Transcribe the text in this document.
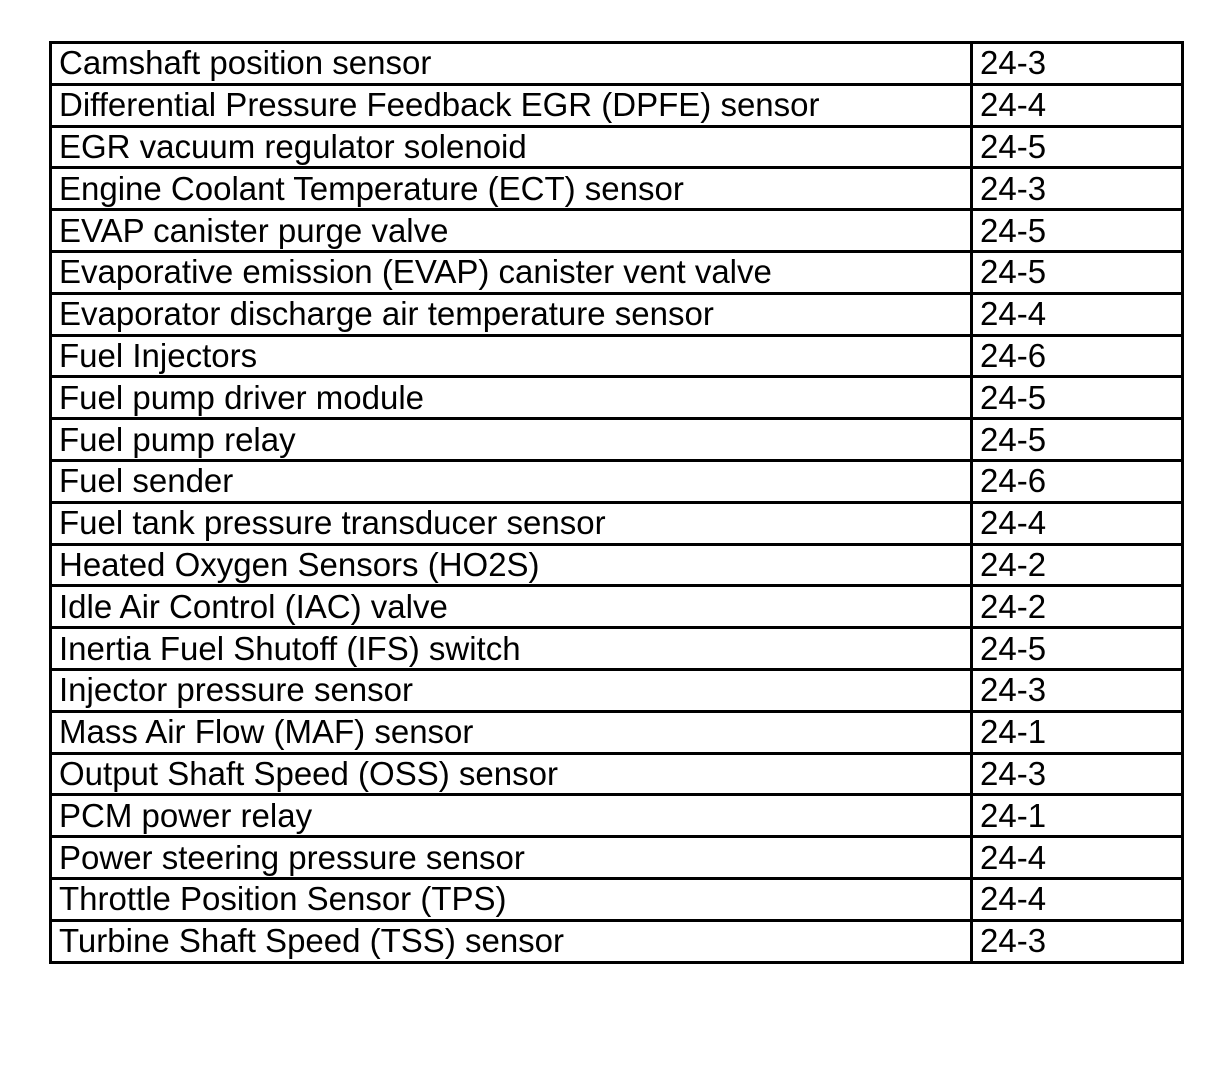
Camshaft position sensor	24-3
Differential Pressure Feedback EGR (DPFE) sensor	24-4
EGR vacuum regulator solenoid	24-5
Engine Coolant Temperature (ECT) sensor	24-3
EVAP canister purge valve	24-5
Evaporative emission (EVAP) canister vent valve	24-5
Evaporator discharge air temperature sensor	24-4
Fuel Injectors	24-6
Fuel pump driver module	24-5
Fuel pump relay	24-5
Fuel sender	24-6
Fuel tank pressure transducer sensor	24-4
Heated Oxygen Sensors (HO2S)	24-2
Idle Air Control (IAC) valve	24-2
Inertia Fuel Shutoff (IFS) switch	24-5
Injector pressure sensor	24-3
Mass Air Flow (MAF) sensor	24-1
Output Shaft Speed (OSS) sensor	24-3
PCM power relay	24-1
Power steering pressure sensor	24-4
Throttle Position Sensor (TPS)	24-4
Turbine Shaft Speed (TSS) sensor	24-3
